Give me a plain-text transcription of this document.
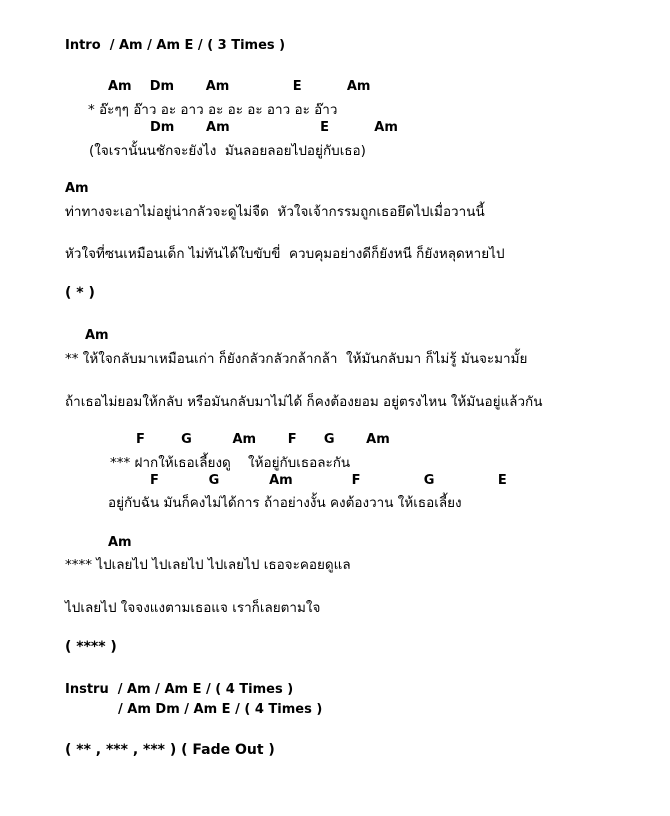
Intro  / Am / Am E / ( 3 Times )
Am    Dm       Am              E          Am
* อ๊ะๆๆ อ๊าว อะ อาว อะ อะ อะ อาว อะ อ๊าว
Dm       Am                    E          Am
(ใจเรานั้นนชักจะยังไง  มันลอยลอยไปอยู่กับเธอ)
Am
ท่าทางจะเอาไม่อยู่น่ากลัวจะดูไม่จืด  หัวใจเจ้ากรรมถูกเธอยึดไปเมื่อวานนี้
หัวใจที่ซนเหมือนเด็ก ไม่ทันได้ใบขับขี่  ควบคุมอย่างดีก็ยังหนี ก็ยังหลุดหายไป
( * )
Am
** ให้ใจกลับมาเหมือนเก่า ก็ยังกลัวกลัวกล้ากล้า  ให้มันกลับมา ก็ไม่รู้ มันจะมามั้ย
ถ้าเธอไม่ยอมให้กลับ หรือมันกลับมาไม่ได้ ก็คงต้องยอม อยู่ตรงไหน ให้มันอยู่แล้วกัน
F        G         Am       F      G       Am
*** ฝากให้เธอเลี้ยงดู    ให้อยู่กับเธอละกัน
F           G           Am             F              G              E
อยู่กับฉัน มันก็คงไม่ได้การ ถ้าอย่างงั้น คงต้องวาน ให้เธอเลี้ยง
Am
**** ไปเลยไป ไปเลยไป ไปเลยไป เธอจะคอยดูแล
ไปเลยไป ใจจงแงตามเธอแจ เราก็เลยตามใจ
( **** )
Instru  / Am / Am E / ( 4 Times )
/ Am Dm / Am E / ( 4 Times )
( ** , *** , *** ) ( Fade Out )
